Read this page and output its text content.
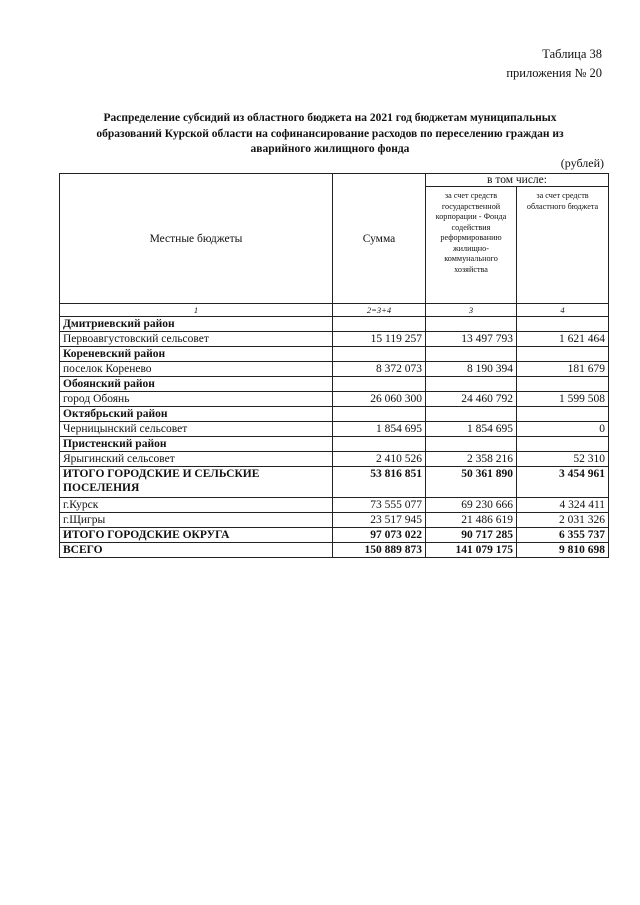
Таблица 38
приложения № 20
Распределение субсидий из областного бюджета на 2021 год бюджетам муниципальных образований Курской области на софинансирование расходов по переселению граждан из аварийного жилищного фонда
(рублей)
Местные бюджеты	Сумма	в том числе:	
		за счет средств государственной корпорации - Фонда содействия реформированию жилищно-коммунального хозяйства	за счет средств областного бюджета
1	2=3+4	3	4
Дмитриевский район			
Первоавгустовский сельсовет	15 119 257	13 497 793	1 621 464
Кореневский район			
поселок Коренево	8 372 073	8 190 394	181 679
Обоянский район			
город Обоянь	26 060 300	24 460 792	1 599 508
Октябрьский район			
Черницынский сельсовет	1 854 695	1 854 695	0
Пристенский район			
Ярыгинский сельсовет	2 410 526	2 358 216	52 310
ИТОГО ГОРОДСКИЕ И СЕЛЬСКИЕ ПОСЕЛЕНИЯ	53 816 851	50 361 890	3 454 961
г.Курск	73 555 077	69 230 666	4 324 411
г.Щигры	23 517 945	21 486 619	2 031 326
ИТОГО ГОРОДСКИЕ ОКРУГА	97 073 022	90 717 285	6 355 737
ВСЕГО	150 889 873	141 079 175	9 810 698
